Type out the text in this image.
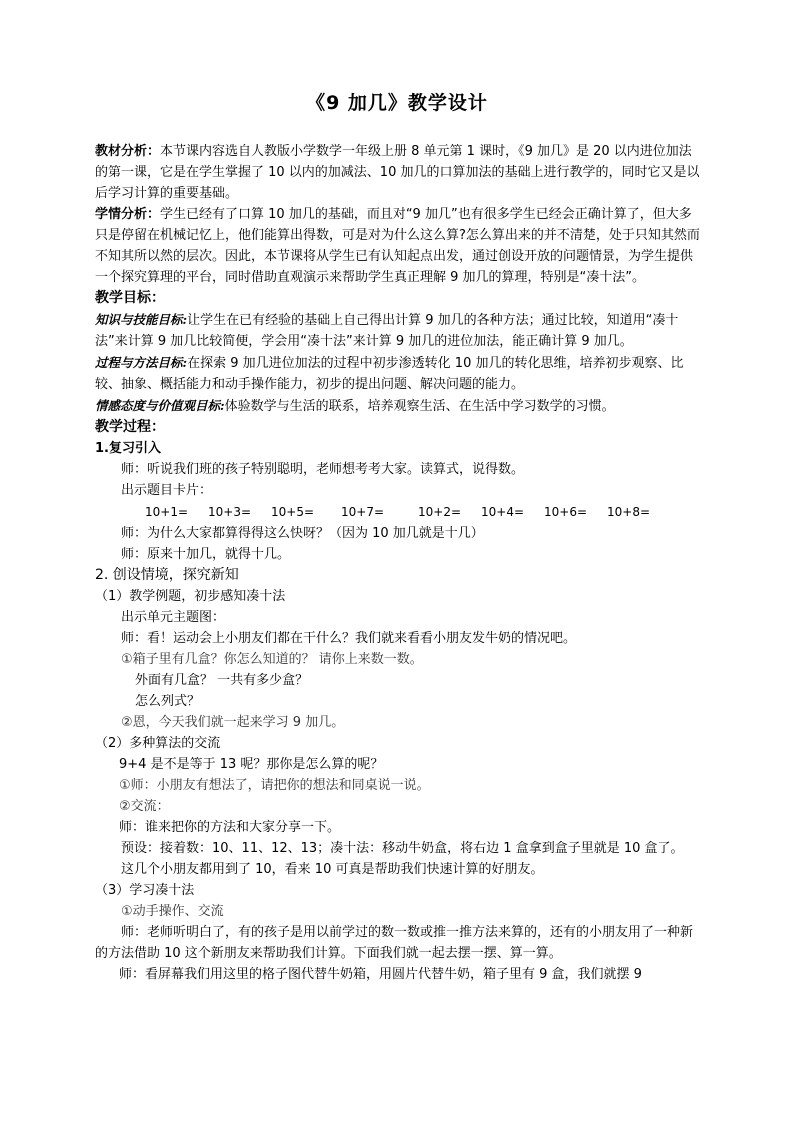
《9 加几》教学设计

教材分析：本节课内容选自人教版小学数学一年级上册 8 单元第 1 课时，《9 加几》是 20 以内进位加法的第一课，它是在学生掌握了 10 以内的加减法、10 加几的口算加法的基础上进行教学的，同时它又是以后学习计算的重要基础。

学情分析：学生已经有了口算 10 加几的基础，而且对“9 加几”也有很多学生已经会正确计算了，但大多只是停留在机械记忆上，他们能算出得数，可是对为什么这么算?怎么算出来的并不清楚，处于只知其然而不知其所以然的层次。因此，本节课将从学生已有认知起点出发，通过创设开放的问题情景，为学生提供一个探究算理的平台，同时借助直观演示来帮助学生真正理解 9 加几的算理，特别是“凑十法”。

教学目标：

知识与技能目标:让学生在已有经验的基础上自己得出计算 9 加几的各种方法；通过比较，知道用“凑十法”来计算 9 加几比较简便，学会用“凑十法”来计算 9 加几的进位加法，能正确计算 9 加几。

过程与方法目标:在探索 9 加几进位加法的过程中初步渗透转化 10 加几的转化思维，培养初步观察、比较、抽象、概括能力和动手操作能力，初步的提出问题、解决问题的能力。

情感态度与价值观目标:体验数学与生活的联系，培养观察生活、在生活中学习数学的习惯。

教学过程：

1.复习引入

师：听说我们班的孩子特别聪明，老师想考考大家。读算式，说得数。

出示题目卡片：

10+1=	10+3=	10+5=	10+7=	10+2=	10+4=	10+6=	10+8=

师：为什么大家都算得得这么快呀？（因为 10 加几就是十几）

师：原来十加几，就得十几。

2. 创设情境，探究新知

（1）教学例题，初步感知凑十法

出示单元主题图：

师：看！运动会上小朋友们都在干什么？我们就来看看小朋友发牛奶的情况吧。

①箱子里有几盒？你怎么知道的？ 请你上来数一数。

外面有几盒？ 一共有多少盒？

怎么列式？

②恩，今天我们就一起来学习 9 加几。

（2）多种算法的交流

9+4 是不是等于 13 呢？那你是怎么算的呢？

①师：小朋友有想法了，请把你的想法和同桌说一说。

②交流：

师：谁来把你的方法和大家分享一下。

预设：接着数：10、11、12、13；凑十法：移动牛奶盒，将右边 1 盒拿到盒子里就是 10 盒了。

这几个小朋友都用到了 10，看来 10 可真是帮助我们快速计算的好朋友。

（3）学习凑十法

①动手操作、交流

师：老师听明白了，有的孩子是用以前学过的数一数或推一推方法来算的，还有的小朋友用了一种新的方法借助 10 这个新朋友来帮助我们计算。下面我们就一起去摆一摆、算一算。

师：看屏幕我们用这里的格子图代替牛奶箱，用圆片代替牛奶，箱子里有 9 盒，我们就摆 9
